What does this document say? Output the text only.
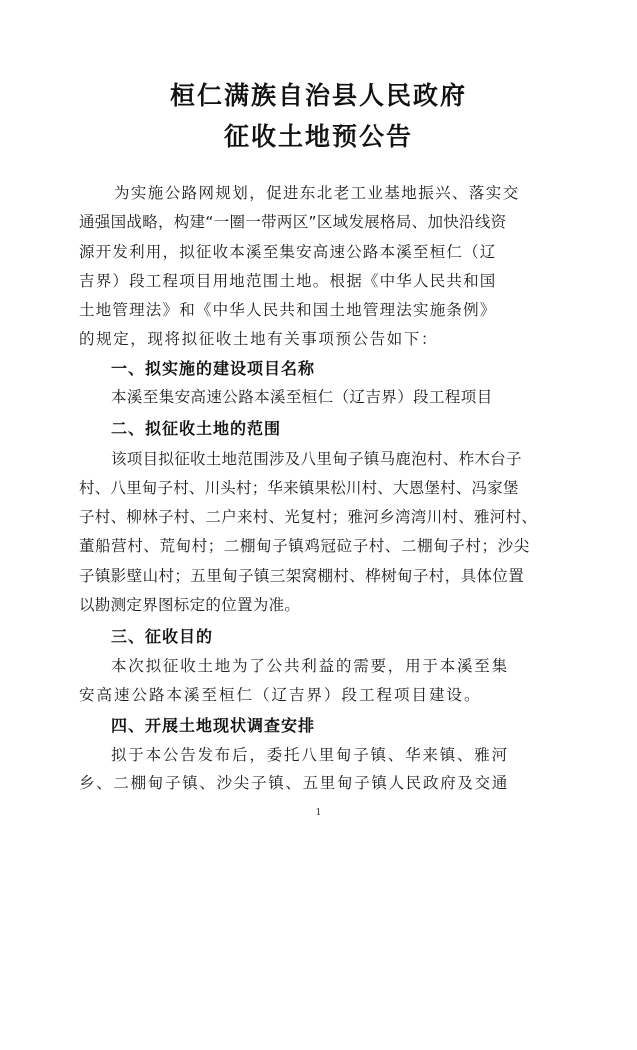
桓仁满族自治县人民政府
征收土地预公告
为实施公路网规划，促进东北老工业基地振兴、落实交
通强国战略，构建“一圈一带两区”区域发展格局、加快沿线资
源开发利用，拟征收本溪至集安高速公路本溪至桓仁（辽
吉界）段工程项目用地范围土地。根据《中华人民共和国
土地管理法》和《中华人民共和国土地管理法实施条例》
的规定，现将拟征收土地有关事项预公告如下：
一、拟实施的建设项目名称
本溪至集安高速公路本溪至桓仁（辽吉界）段工程项目
二、拟征收土地的范围
该项目拟征收土地范围涉及八里甸子镇马鹿泡村、柞木台子
村、八里甸子村、川头村；华来镇果松川村、大恩堡村、冯家堡
子村、柳林子村、二户来村、光复村；雅河乡湾湾川村、雅河村、
董船营村、荒甸村；二棚甸子镇鸡冠砬子村、二棚甸子村；沙尖
子镇影壁山村；五里甸子镇三架窝棚村、桦树甸子村，具体位置
以勘测定界图标定的位置为准。
三、征收目的
本次拟征收土地为了公共利益的需要，用于本溪至集
安高速公路本溪至桓仁（辽吉界）段工程项目建设。
四、开展土地现状调查安排
拟于本公告发布后，委托八里甸子镇、华来镇、雅河
乡、二棚甸子镇、沙尖子镇、五里甸子镇人民政府及交通
1
